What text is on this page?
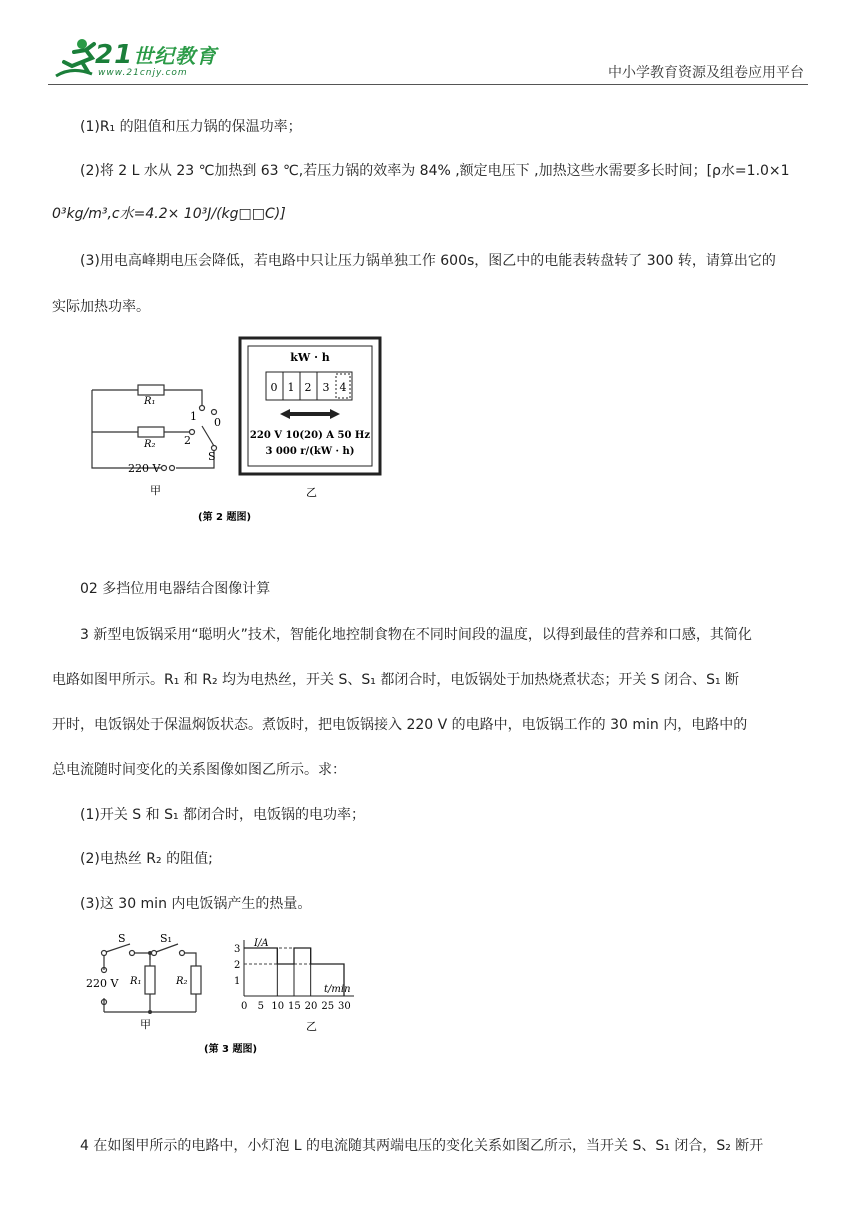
21世纪教育
www.21cnjy.com	中小学教育资源及组卷应用平台
(1)R₁ 的阻值和压力锅的保温功率；
(2)将 2 L 水从 23 ℃加热到 63 ℃,若压力锅的效率为 84% ,额定电压下 ,加热这些水需要多长时间；[ρ水=1.0×1
0³kg/m³,c水=4.2× 10³J/(kg□□C)]
(3)用电高峰期电压会降低，若电路中只让压力锅单独工作 600s，图乙中的电能表转盘转了 300 转，请算出它的
实际加热功率。
R₁
R₂
1 0
2
S
220 V
甲
kW · h
0 1 2 3 4
220 V 10(20) A 50 Hz
3 000 r/(kW · h)
乙
(第 2 题图)
02 多挡位用电器结合图像计算
3 新型电饭锅采用“聪明火”技术，智能化地控制食物在不同时间段的温度，以得到最佳的营养和口感，其简化
电路如图甲所示。R₁ 和 R₂ 均为电热丝，开关 S、S₁ 都闭合时，电饭锅处于加热烧煮状态；开关 S 闭合、S₁ 断
开时，电饭锅处于保温焖饭状态。煮饭时，把电饭锅接入 220 V 的电路中，电饭锅工作的 30 min 内，电路中的
总电流随时间变化的关系图像如图乙所示。求：
(1)开关 S 和 S₁ 都闭合时，电饭锅的电功率；
(2)电热丝 R₂ 的阻值;
(3)这 30 min 内电饭锅产生的热量。
S	S₁
220 V R₁	R₂
甲
I/A
t/min
1
2
3
0 5 10 15 20 25 30
(第 3 题图)
乙
4 在如图甲所示的电路中，小灯泡 L 的电流随其两端电压的变化关系如图乙所示，当开关 S、S₁ 闭合，S₂ 断开
